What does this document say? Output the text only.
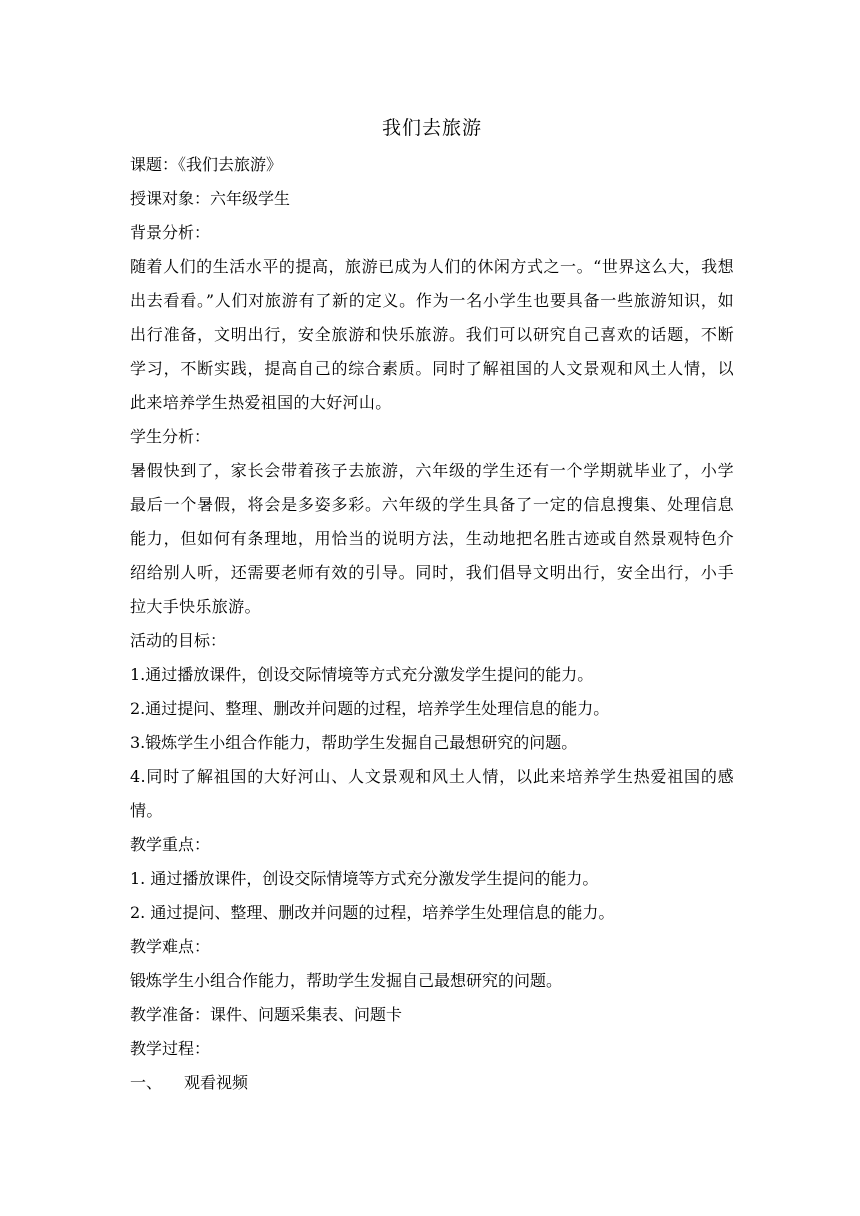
我们去旅游

课题：《我们去旅游》

授课对象：六年级学生

背景分析：

随着人们的生活水平的提高，旅游已成为人们的休闲方式之一。“世界这么大，我想出去看看。”人们对旅游有了新的定义。作为一名小学生也要具备一些旅游知识，如出行准备，文明出行，安全旅游和快乐旅游。我们可以研究自己喜欢的话题，不断学习，不断实践，提高自己的综合素质。同时了解祖国的人文景观和风土人情，以此来培养学生热爱祖国的大好河山。

学生分析：

暑假快到了，家长会带着孩子去旅游，六年级的学生还有一个学期就毕业了，小学最后一个暑假，将会是多姿多彩。六年级的学生具备了一定的信息搜集、处理信息能力，但如何有条理地，用恰当的说明方法，生动地把名胜古迹或自然景观特色介绍给别人听，还需要老师有效的引导。同时，我们倡导文明出行，安全出行，小手拉大手快乐旅游。

活动的目标：

1.通过播放课件，创设交际情境等方式充分激发学生提问的能力。

2.通过提问、整理、删改并问题的过程，培养学生处理信息的能力。

3.锻炼学生小组合作能力，帮助学生发掘自己最想研究的问题。

4.同时了解祖国的大好河山、人文景观和风土人情，以此来培养学生热爱祖国的感情。

教学重点：

1. 通过播放课件，创设交际情境等方式充分激发学生提问的能力。

2. 通过提问、整理、删改并问题的过程，培养学生处理信息的能力。

教学难点：

锻炼学生小组合作能力，帮助学生发掘自己最想研究的问题。

教学准备：课件、问题采集表、问题卡

教学过程：

一、 观看视频
